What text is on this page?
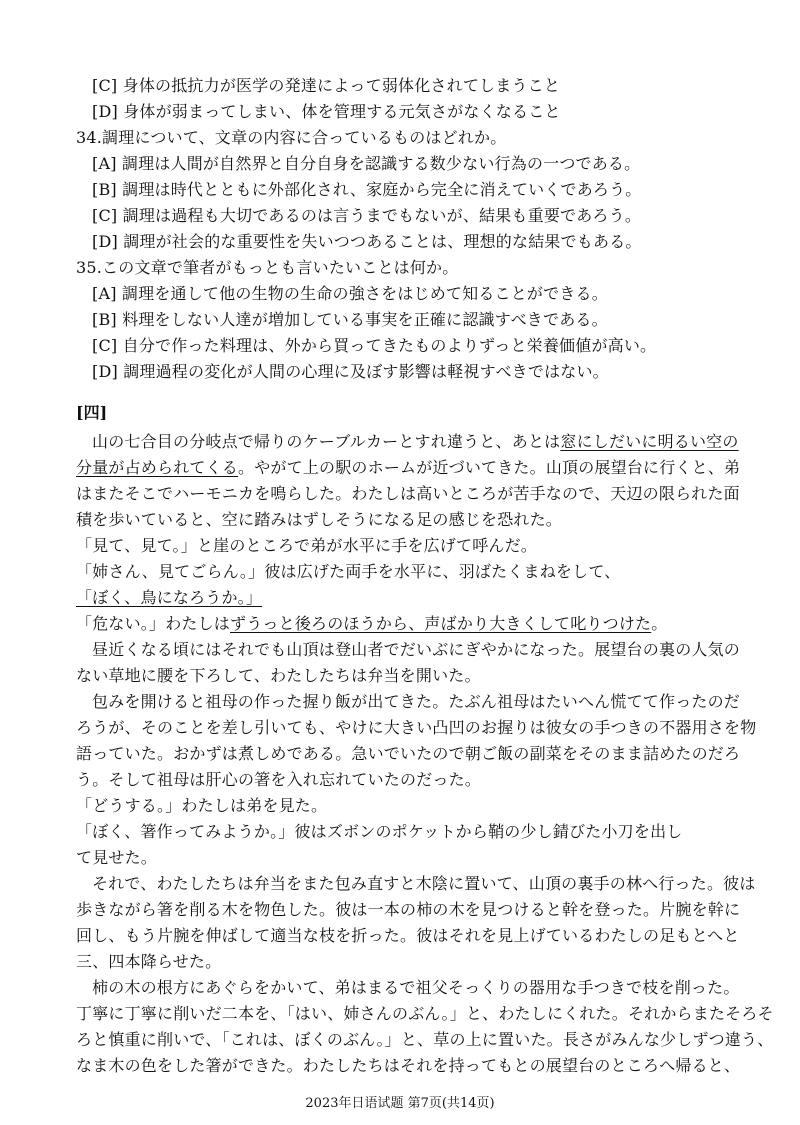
[C] 身体の抵抗力が医学の発達によって弱体化されてしまうこと
[D] 身体が弱まってしまい、体を管理する元気さがなくなること
34.調理について、文章の内容に合っているものはどれか。
[A] 調理は人間が自然界と自分自身を認識する数少ない行為の一つである。
[B] 調理は時代とともに外部化され、家庭から完全に消えていくであろう。
[C] 調理は過程も大切であるのは言うまでもないが、結果も重要であろう。
[D] 調理が社会的な重要性を失いつつあることは、理想的な結果でもある。
35.この文章で筆者がもっとも言いたいことは何か。
[A] 調理を通して他の生物の生命の強さをはじめて知ることができる。
[B] 料理をしない人達が増加している事実を正確に認識すべきである。
[C] 自分で作った料理は、外から買ってきたものよりずっと栄養価値が高い。
[D] 調理過程の変化が人間の心理に及ぼす影響は軽視すべきではない。
[四]
山の七合目の分岐点で帰りのケーブルカーとすれ違うと、あとは窓にしだいに明るい空の
分量が占められてくる。やがて上の駅のホームが近づいてきた。山頂の展望台に行くと、弟
はまたそこでハーモニカを鳴らした。わたしは高いところが苦手なので、天辺の限られた面
積を歩いていると、空に踏みはずしそうになる足の感じを恐れた。
「見て、見て。」と崖のところで弟が水平に手を広げて呼んだ。
「姉さん、見てごらん。」彼は広げた両手を水平に、羽ばたくまねをして、
「ぼく、鳥になろうか。」
「危ない。」わたしはずうっと後ろのほうから、声ばかり大きくして叱りつけた。
昼近くなる頃にはそれでも山頂は登山者でだいぶにぎやかになった。展望台の裏の人気の
ない草地に腰を下ろして、わたしたちは弁当を開いた。
包みを開けると祖母の作った握り飯が出てきた。たぶん祖母はたいへん慌てて作ったのだ
ろうが、そのことを差し引いても、やけに大きい凸凹のお握りは彼女の手つきの不器用さを物
語っていた。おかずは煮しめである。急いでいたので朝ご飯の副菜をそのまま詰めたのだろ
う。そして祖母は肝心の箸を入れ忘れていたのだった。
「どうする。」わたしは弟を見た。
「ぼく、箸作ってみようか。」彼はズボンのポケットから鞘の少し錆びた小刀を出し
て見せた。
それで、わたしたちは弁当をまた包み直すと木陰に置いて、山頂の裏手の林へ行った。彼は
歩きながら箸を削る木を物色した。彼は一本の柿の木を見つけると幹を登った。片腕を幹に
回し、もう片腕を伸ばして適当な枝を折った。彼はそれを見上げているわたしの足もとへと
三、四本降らせた。
柿の木の根方にあぐらをかいて、弟はまるで祖父そっくりの器用な手つきで枝を削った。
丁寧に丁寧に削いだ二本を、「はい、姉さんのぶん。」と、わたしにくれた。それからまたそろそ
ろと慎重に削いで、「これは、ぼくのぶん。」と、草の上に置いた。長さがみんな少しずつ違う、
なま木の色をした箸ができた。わたしたちはそれを持ってもとの展望台のところへ帰ると、
2023年日语试题 第7页(共14页)
